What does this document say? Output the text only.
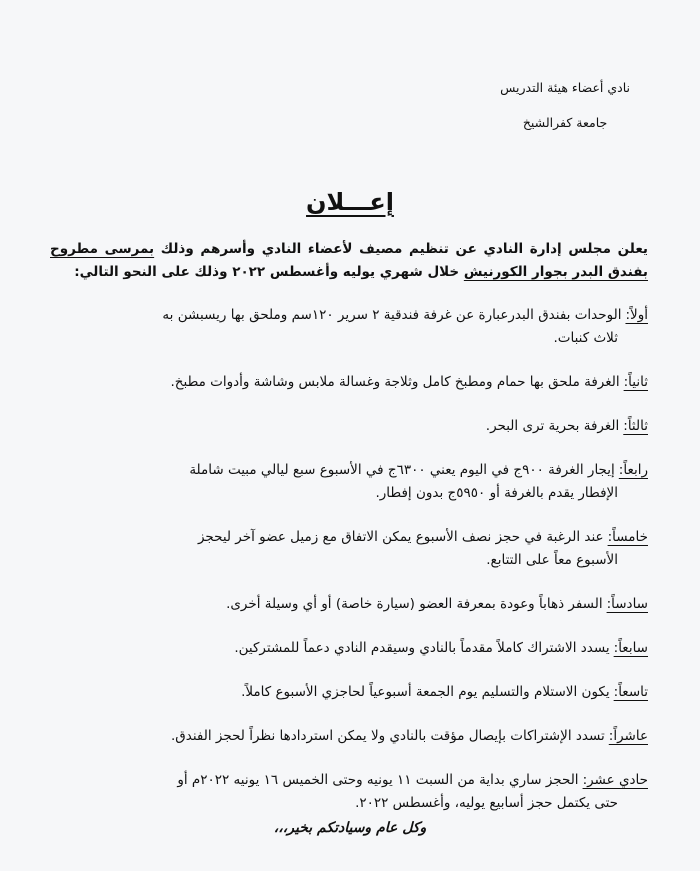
نادي أعضاء هيئة التدريس
جامعة كفرالشيخ
إعـــلان

يعلن مجلس إدارة النادي عن تنظيم مصيف لأعضاء النادي وأسرهم وذلك بمرسى مطروح بفندق البدر بجوار الكورنيش خلال شهري يوليه وأغسطس ٢٠٢٢ وذلك على النحو التالي:

أولاً:الوحدات بفندق البدرعبارة عن غرفة فندقية ٢ سرير ١٢٠سم وملحق بها ريسبشن به
ثلاث كنبات.

ثانياً:الغرفة ملحق بها حمام ومطبخ كامل وثلاجة وغسالة ملابس وشاشة وأدوات مطبخ.

ثالثاً:الغرفة بحرية ترى البحر.

رابعاً:إيجار الغرفة ٩٠٠ج في اليوم يعني ٦٣٠٠ج في الأسبوع سبع ليالي مبيت شاملة
الإفطار يقدم بالغرفة أو ٥٩٥٠ج بدون إفطار.

خامساً:عند الرغبة في حجز نصف الأسبوع يمكن الاتفاق مع زميل عضو آخر ليحجز
الأسبوع معاً على التتابع.

سادساً:السفر ذهاباً وعودة بمعرفة العضو (سيارة خاصة) أو أي وسيلة أخرى.

سابعاً:يسدد الاشتراك كاملاً مقدماً بالنادي وسيقدم النادي دعماً للمشتركين.

تاسعاً:يكون الاستلام والتسليم يوم الجمعة أسبوعياً لحاجزي الأسبوع كاملاً.

عاشراً:تسدد الإشتراكات بإيصال مؤقت بالنادي ولا يمكن استردادها نظراً لحجز الفندق.

حادي عشر:الحجز ساري بداية من السبت ١١ يونيه وحتى الخميس ١٦ يونيه ٢٠٢٢م أو
حتى يكتمل حجز أسابيع يوليه، وأغسطس ٢٠٢٢.

وكل عام وسيادتكم بخير،،،
